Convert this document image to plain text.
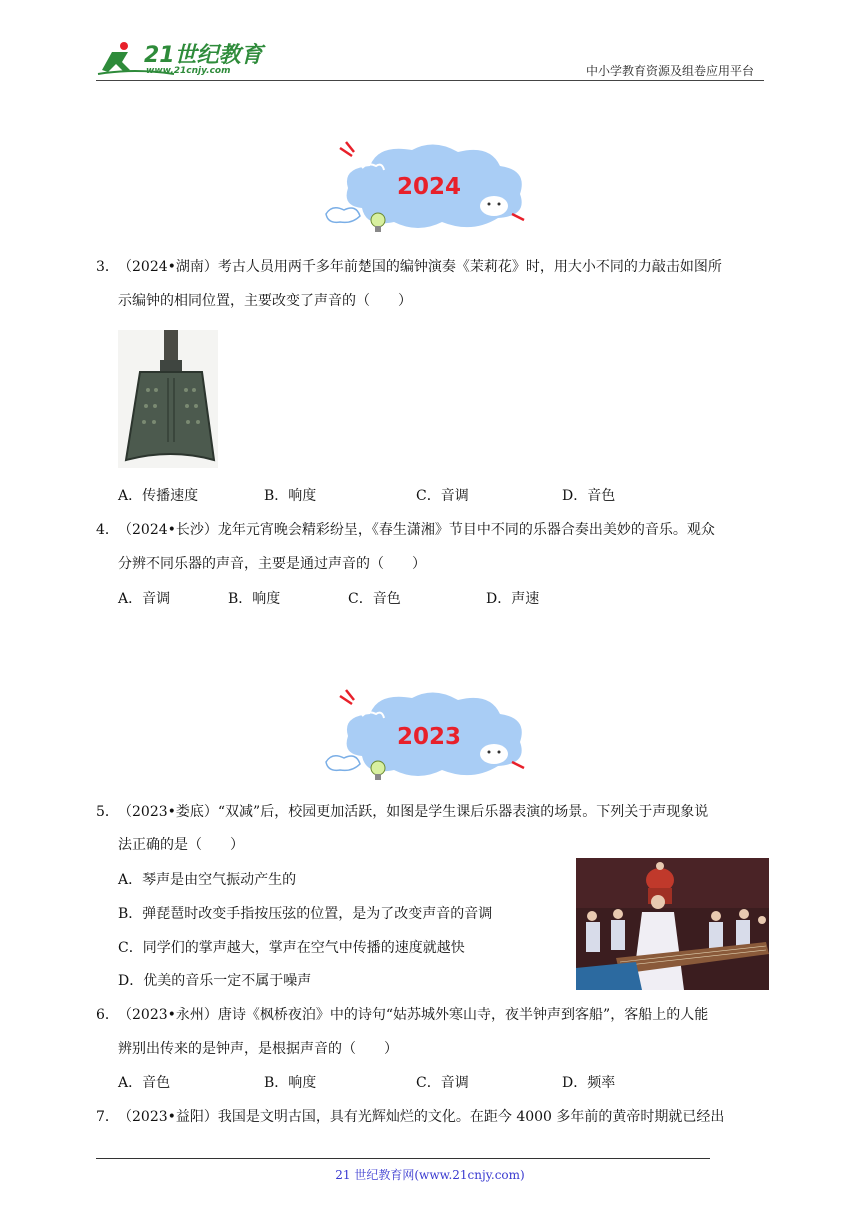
21世纪教育
www.21cnjy.com	中小学教育资源及组卷应用平台
2024
3． （2024•湖南）考古人员用两千多年前楚国的编钟演奏《茉莉花》时，用大小不同的力敲击如图所
示编钟的相同位置，主要改变了声音的（　　）
A．传播速度	B．响度	C．音调	D．音色
4． （2024•长沙）龙年元宵晚会精彩纷呈，《春生潇湘》节目中不同的乐器合奏出美妙的音乐。观众
分辨不同乐器的声音，主要是通过声音的（　　）
A．音调	B．响度	C．音色	D．声速
2023
5． （2023•娄底）“双减”后，校园更加活跃，如图是学生课后乐器表演的场景。下列关于声现象说
法正确的是（　　）
A．琴声是由空气振动产生的
B．弹琵琶时改变手指按压弦的位置，是为了改变声音的音调
C．同学们的掌声越大，掌声在空气中传播的速度就越快
D．优美的音乐一定不属于噪声
6． （2023•永州）唐诗《枫桥夜泊》中的诗句“姑苏城外寒山寺，夜半钟声到客船”，客船上的人能
辨别出传来的是钟声，是根据声音的（　　）
A．音色	B．响度	C．音调	D．频率
7． （2023•益阳）我国是文明古国，具有光辉灿烂的文化。在距今 4000 多年前的黄帝时期就已经出
21 世纪教育网(www.21cnjy.com)
